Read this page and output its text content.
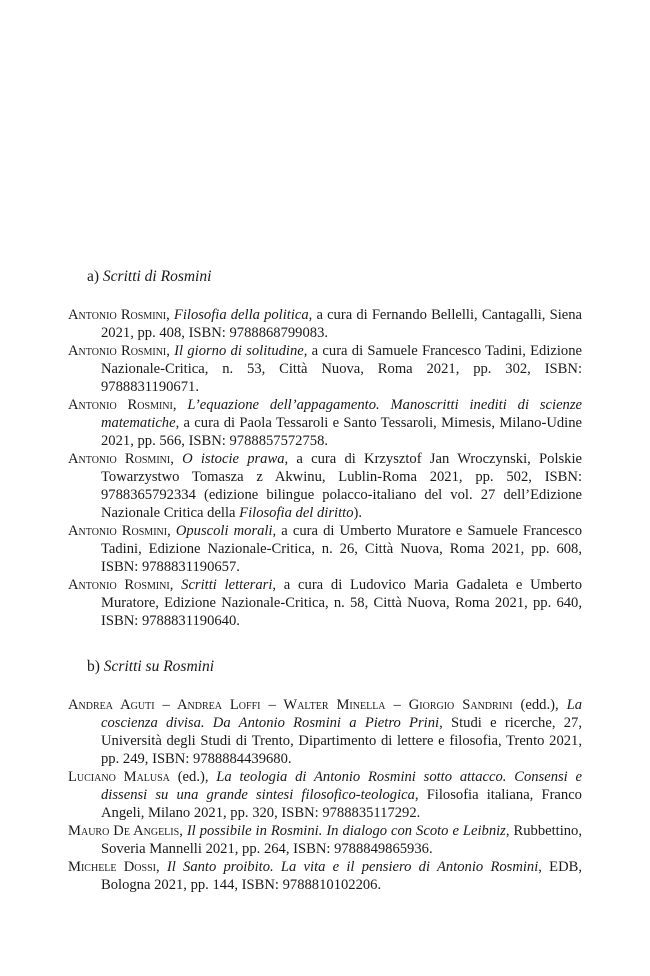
a) Scritti di Rosmini

Antonio Rosmini, Filosofia della politica, a cura di Fernando Bellelli, Cantagalli, Siena 2021, pp. 408, ISBN: 9788868799083.

Antonio Rosmini, Il giorno di solitudine, a cura di Samuele Francesco Tadini, Edizione Nazionale-Critica, n. 53, Città Nuova, Roma 2021, pp. 302, ISBN: 9788831190671.

Antonio Rosmini, L’equazione dell’appagamento. Manoscritti inediti di scienze matematiche, a cura di Paola Tessaroli e Santo Tessaroli, Mimesis, Milano-Udine 2021, pp. 566, ISBN: 9788857572758.

Antonio Rosmini, O istocie prawa, a cura di Krzysztof Jan Wroczynski, Polskie Towarzystwo Tomasza z Akwinu, Lublin-Roma 2021, pp. 502, ISBN: 9788365792334 (edizione bilingue polacco-italiano del vol. 27 dell’Edizione Nazionale Critica della Filosofia del diritto).

Antonio Rosmini, Opuscoli morali, a cura di Umberto Muratore e Samuele Francesco Tadini, Edizione Nazionale-Critica, n. 26, Città Nuova, Roma 2021, pp. 608, ISBN: 9788831190657.

Antonio Rosmini, Scritti letterari, a cura di Ludovico Maria Gadaleta e Umberto Muratore, Edizione Nazionale-Critica, n. 58, Città Nuova, Roma 2021, pp. 640, ISBN: 9788831190640.

b) Scritti su Rosmini

Andrea Aguti – Andrea Loffi – Walter Minella – Giorgio Sandrini (edd.), La coscienza divisa. Da Antonio Rosmini a Pietro Prini, Studi e ricerche, 27, Università degli Studi di Trento, Dipartimento di lettere e filosofia, Trento 2021, pp. 249, ISBN: 9788884439680.

Luciano Malusa (ed.), La teologia di Antonio Rosmini sotto attacco. Consensi e dissensi su una grande sintesi filosofico-teologica, Filosofia italiana, Franco Angeli, Milano 2021, pp. 320, ISBN: 9788835117292.

Mauro De Angelis, Il possibile in Rosmini. In dialogo con Scoto e Leibniz, Rubbettino, Soveria Mannelli 2021, pp. 264, ISBN: 9788849865936.

Michele Dossi, Il Santo proibito. La vita e il pensiero di Antonio Rosmini, EDB, Bologna 2021, pp. 144, ISBN: 9788810102206.
